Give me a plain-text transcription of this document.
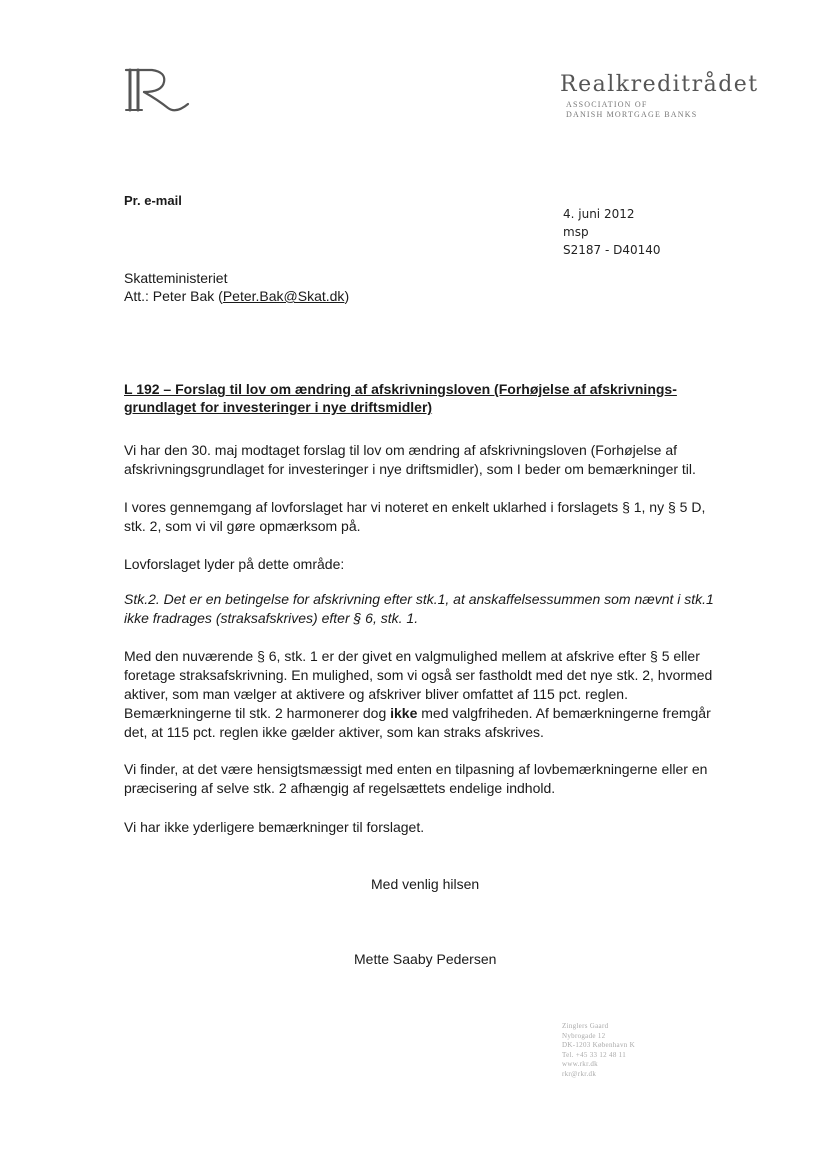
Realkreditrådet
ASSOCIATION OF
DANISH MORTGAGE BANKS
Pr. e-mail
4. juni 2012
msp
S2187 - D40140
Skatteministeriet
Att.: Peter Bak (Peter.Bak@Skat.dk)
L 192 – Forslag til lov om ændring af afskrivningsloven (Forhøjelse af afskrivnings-
grundlaget for investeringer i nye driftsmidler)
Vi har den 30. maj modtaget forslag til lov om ændring af afskrivningsloven (Forhøjelse af afskrivningsgrundlaget for investeringer i nye driftsmidler), som I beder om bemærkninger til.
I vores gennemgang af lovforslaget har vi noteret en enkelt uklarhed i forslagets § 1, ny § 5 D, stk. 2, som vi vil gøre opmærksom på.
Lovforslaget lyder på dette område:
Stk.2. Det er en betingelse for afskrivning efter stk.1, at anskaffelsessummen som nævnt i stk.1 ikke fradrages (straksafskrives) efter § 6, stk. 1.
Med den nuværende § 6, stk. 1 er der givet en valgmulighed mellem at afskrive efter § 5 eller foretage straksafskrivning. En mulighed, som vi også ser fastholdt med det nye stk. 2, hvormed aktiver, som man vælger at aktivere og afskriver bliver omfattet af 115 pct. reglen. Bemærkningerne til stk. 2 harmonerer dog ikke med valgfriheden. Af bemærkningerne fremgår det, at 115 pct. reglen ikke gælder aktiver, som kan straks afskrives.
Vi finder, at det være hensigtsmæssigt med enten en tilpasning af lovbemærkningerne eller en præcisering af selve stk. 2 afhængig af regelsættets endelige indhold.
Vi har ikke yderligere bemærkninger til forslaget.
Med venlig hilsen
Mette Saaby Pedersen
Zinglers Gaard
Nybrogade 12
DK-1203 København K
Tel. +45 33 12 48 11
www.rkr.dk
rkr@rkr.dk
